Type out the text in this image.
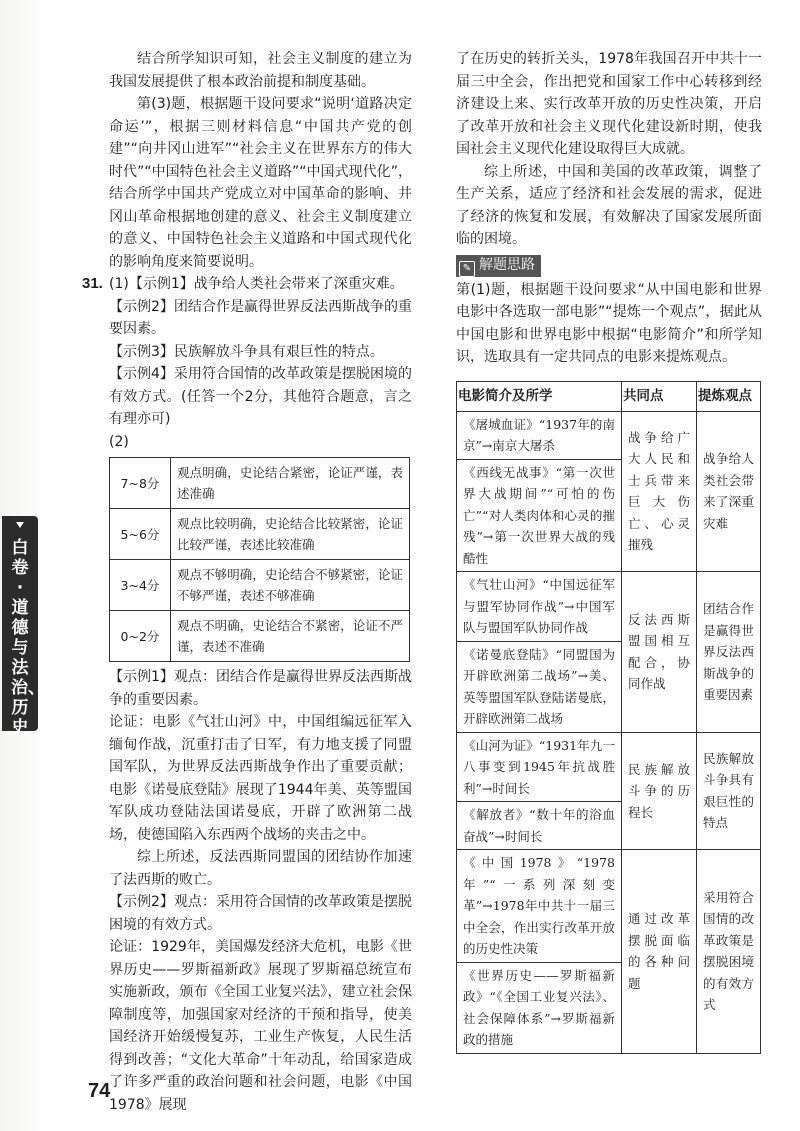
结合所学知识可知，社会主义制度的建立为我国发展提供了根本政治前提和制度基础。

第(3)题，根据题干设问要求“说明‘道路决定命运’”，根据三则材料信息“中国共产党的创建”“向井冈山进军”“社会主义在世界东方的伟大时代”“中国特色社会主义道路”“中国式现代化”，结合所学中国共产党成立对中国革命的影响、井冈山革命根据地创建的意义、社会主义制度建立的意义、中国特色社会主义道路和中国式现代化的影响角度来简要说明。

31. (1)【示例1】战争给人类社会带来了深重灾难。

【示例2】团结合作是赢得世界反法西斯战争的重要因素。

【示例3】民族解放斗争具有艰巨性的特点。

【示例4】采用符合国情的改革政策是摆脱困境的有效方式。(任答一个2分，其他符合题意，言之有理亦可)

(2)

7~8分	观点明确，史论结合紧密，论证严谨，表述准确
5~6分	观点比较明确，史论结合比较紧密，论证比较严谨，表述比较准确
3~4分	观点不够明确，史论结合不够紧密，论证不够严谨，表述不够准确
0~2分	观点不明确，史论结合不紧密，论证不严谨，表述不准确

【示例1】观点：团结合作是赢得世界反法西斯战争的重要因素。

论证：电影《气壮山河》中，中国组编远征军入缅甸作战，沉重打击了日军，有力地支援了同盟国军队，为世界反法西斯战争作出了重要贡献；电影《诺曼底登陆》展现了1944年美、英等盟国军队成功登陆法国诺曼底，开辟了欧洲第二战场，使德国陷入东西两个战场的夹击之中。

综上所述，反法西斯同盟国的团结协作加速了法西斯的败亡。

【示例2】观点：采用符合国情的改革政策是摆脱困境的有效方式。

论证：1929年，美国爆发经济大危机，电影《世界历史——罗斯福新政》展现了罗斯福总统宣布实施新政，颁布《全国工业复兴法》，建立社会保障制度等，加强国家对经济的干预和指导，使美国经济开始缓慢复苏，工业生产恢复，人民生活得到改善；“文化大革命”十年动乱，给国家造成了许多严重的政治问题和社会问题，电影《中国1978》展现

了在历史的转折关头，1978年我国召开中共十一届三中全会，作出把党和国家工作中心转移到经济建设上来、实行改革开放的历史性决策，开启了改革开放和社会主义现代化建设新时期，使我国社会主义现代化建设取得巨大成就。

综上所述，中国和美国的改革政策，调整了生产关系，适应了经济和社会发展的需求，促进了经济的恢复和发展，有效解决了国家发展所面临的困境。

✎ 解题思路

第(1)题，根据题干设问要求“从中国电影和世界电影中各选取一部电影”“提炼一个观点”，据此从中国电影和世界电影中根据“电影简介”和所学知识，选取具有一定共同点的电影来提炼观点。

电影简介及所学	共同点	提炼观点
《屠城血证》“1937年的南京”→南京大屠杀	战争给广大人民和士兵带来巨大伤亡、心灵摧残	战争给人类社会带来了深重灾难
《西线无战事》“第一次世界大战期间”“可怕的伤亡”“对人类肉体和心灵的摧残”→第一次世界大战的残酷性		
《气壮山河》“中国远征军与盟军协同作战”→中国军队与盟国军队协同作战	反法西斯盟国相互配合，协同作战	团结合作是赢得世界反法西斯战争的重要因素
《诺曼底登陆》“同盟国为开辟欧洲第二战场”→美、英等盟国军队登陆诺曼底，开辟欧洲第二战场		
《山河为证》“1931年九一八事变到1945年抗战胜利”→时间长	民族解放斗争的历程长	民族解放斗争具有艰巨性的特点
《解放者》“数十年的浴血奋战”→时间长		
《中国1978》“1978年”“一系列深刻变革”→1978年中共十一届三中全会，作出实行改革开放的历史性决策	通过改革摆脱面临的各种问题	采用符合国情的改革政策是摆脱困境的有效方式
《世界历史——罗斯福新政》“《全国工业复兴法》、社会保障体系”→罗斯福新政的措施		
白卷·道德与法治、历史
74
